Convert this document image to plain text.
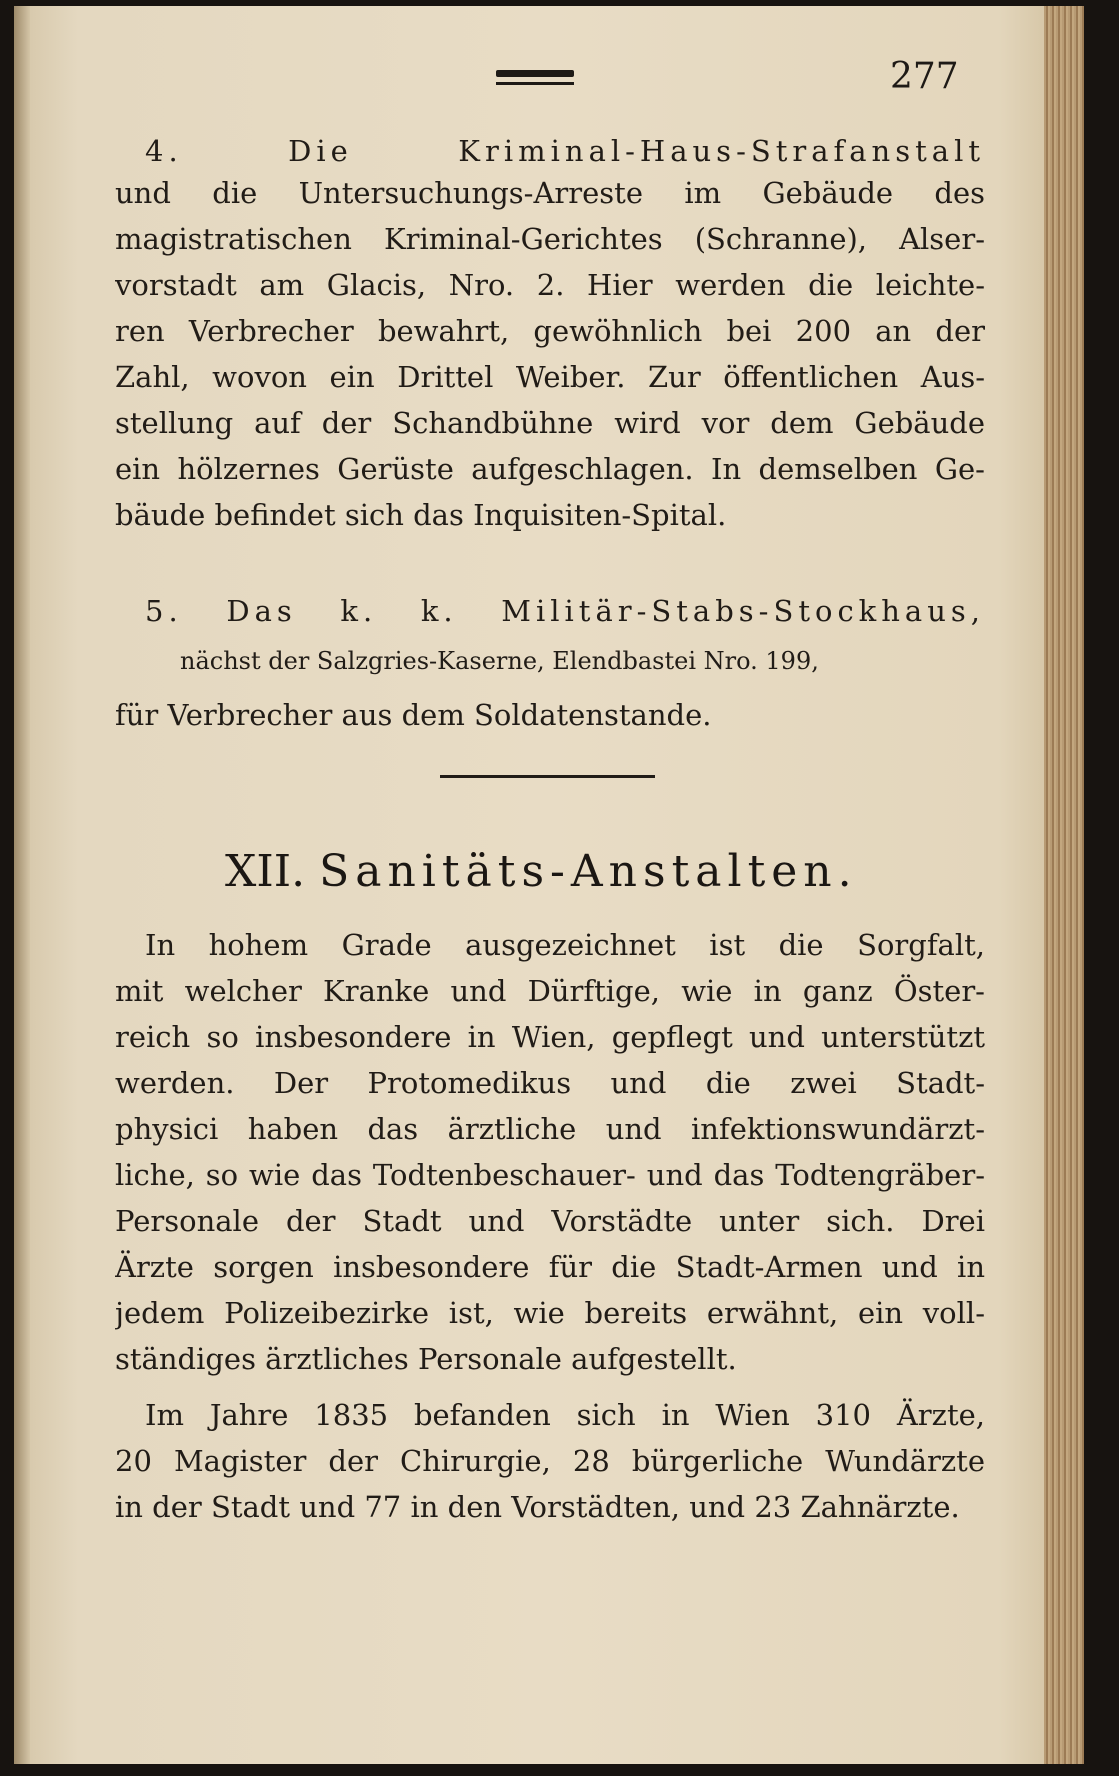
277
4. Die Kriminal-Haus-Strafanstalt
und die Untersuchungs-Arreste im Gebäude des
magistratischen Kriminal-Gerichtes (Schranne), Alser-
vorstadt am Glacis, Nro. 2. Hier werden die leichte-
ren Verbrecher bewahrt, gewöhnlich bei 200 an der
Zahl, wovon ein Drittel Weiber. Zur öffentlichen Aus-
stellung auf der Schandbühne wird vor dem Gebäude
ein hölzernes Gerüste aufgeschlagen. In demselben Ge-
bäude befindet sich das Inquisiten-Spital.
5. Das k. k. Militär-Stabs-Stockhaus,
nächst der Salzgries-Kaserne, Elendbastei Nro. 199,
für Verbrecher aus dem Soldatenstande.
XII. Sanitäts-Anstalten.
In hohem Grade ausgezeichnet ist die Sorgfalt,
mit welcher Kranke und Dürftige, wie in ganz Öster-
reich so insbesondere in Wien, gepflegt und unterstützt
werden. Der Protomedikus und die zwei Stadt-
physici haben das ärztliche und infektionswundärzt-
liche, so wie das Todtenbeschauer- und das Todtengräber-
Personale der Stadt und Vorstädte unter sich. Drei
Ärzte sorgen insbesondere für die Stadt-Armen und in
jedem Polizeibezirke ist, wie bereits erwähnt, ein voll-
ständiges ärztliches Personale aufgestellt.
Im Jahre 1835 befanden sich in Wien 310 Ärzte,
20 Magister der Chirurgie, 28 bürgerliche Wundärzte
in der Stadt und 77 in den Vorstädten, und 23 Zahnärzte.
